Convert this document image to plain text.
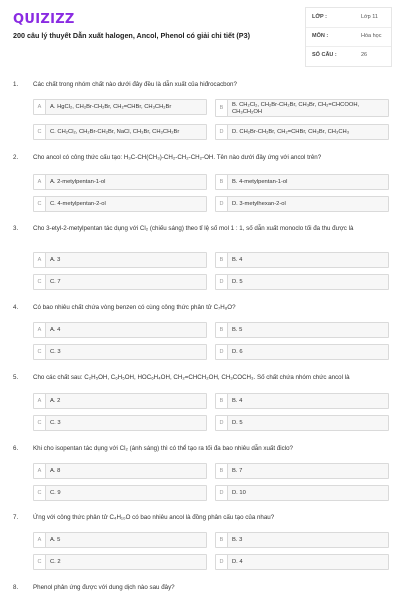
QUIZIZZ
200 câu lý thuyết Dẫn xuất halogen, Ancol, Phenol có giải chi tiết (P3)
LỚP :	Lớp 11
MÔN :	Hóa học
SỐ CÂU :	26
1. Các chất trong nhóm chất nào dưới đây đều là dẫn xuất của hiđrocacbon?
A	A. HgCl₂, CH₂Br-CH₂Br, CH₂=CHBr, CH₃CH₂Br	B	B. CH₂Cl₂, CH₂Br-CH₂Br, CH₃Br, CH₂=CHCOOH, CH₃CH₂OH
C	C. CH₂Cl₂, CH₂Br-CH₂Br, NaCl, CH₃Br, CH₃CH₂Br	D	D. CH₂Br-CH₂Br, CH₂=CHBr, CH₃Br, CH₃CH₃
2. Cho ancol có công thức cấu tạo: H₃C-CH(CH₃)-CH₂-CH₂-CH₂-OH. Tên nào dưới đây ứng với ancol trên?
A	A. 2-metylpentan-1-ol	B	B. 4-metylpentan-1-ol
C	C. 4-metylpentan-2-ol	D	D. 3-metylhexan-2-ol
3. Cho 3-etyl-2-metylpentan tác dụng với Cl₂ (chiếu sáng) theo tỉ lệ số mol 1 : 1, số dẫn xuất monoclo tối đa thu được là
A	A. 3	B	B. 4
C	C. 7	D	D. 5
4. Có bao nhiêu chất chứa vòng benzen có cùng công thức phân tử C₇H₈O?
A	A. 4	B	B. 5
C	C. 3	D	D. 6
5. Cho các chất sau: C₂H₅OH, C₆H₅OH, HOC₆H₄OH, CH₂=CHCH₂OH, CH₃COCH₃. Số chất chứa nhóm chức ancol là
A	A. 2	B	B. 4
C	C. 3	D	D. 5
6. Khi cho isopentan tác dụng với Cl₂ (ánh sáng) thì có thể tạo ra tối đa bao nhiêu dẫn xuất điclo?
A	A. 8	B	B. 7
C	C. 9	D	D. 10
7. Ứng với công thức phân tử C₄H₁₀O có bao nhiêu ancol là đồng phân cấu tạo của nhau?
A	A. 5	B	B. 3
C	C. 2	D	D. 4
8. Phenol phản ứng được với dung dịch nào sau đây?
